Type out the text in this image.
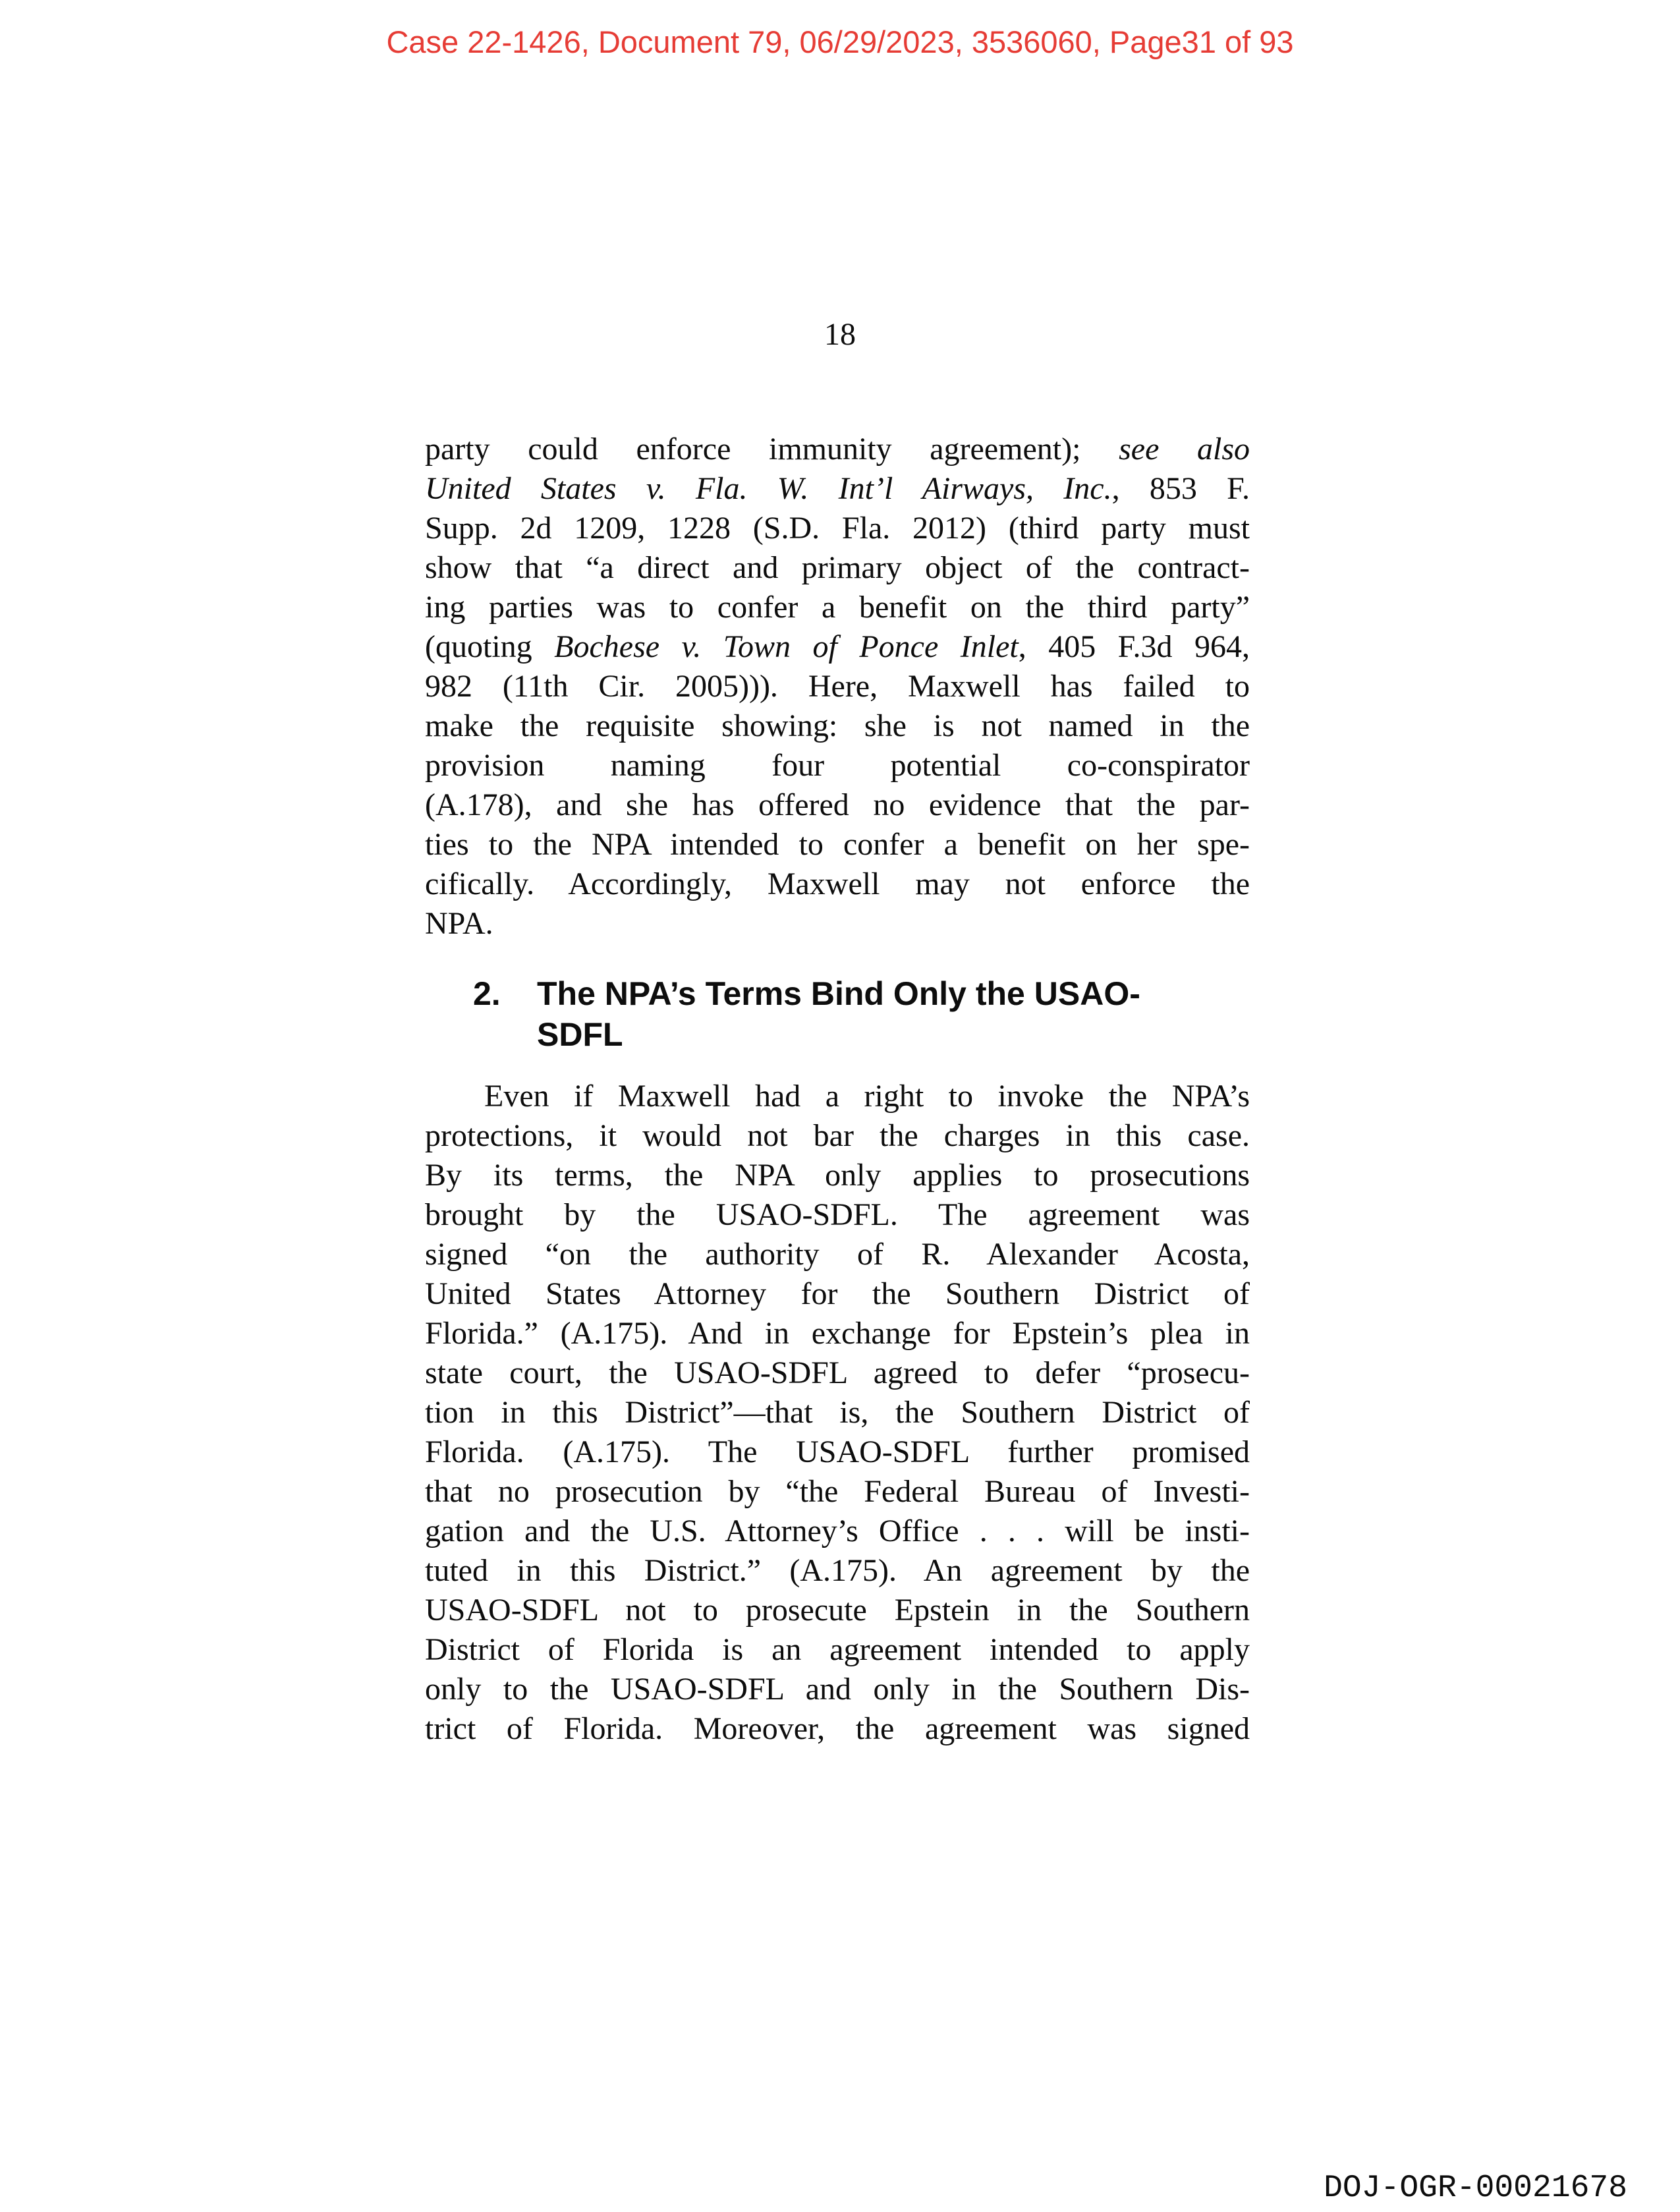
Case 22-1426, Document 79, 06/29/2023, 3536060, Page31 of 93
18
party could enforce immunity agreement); see also
United States v. Fla. W. Int’l Airways, Inc., 853 F.
Supp. 2d 1209, 1228 (S.D. Fla. 2012) (third party must
show that “a direct and primary object of the contract-
ing parties was to confer a benefit on the third party”
(quoting Bochese v. Town of Ponce Inlet, 405 F.3d 964,
982 (11th Cir. 2005))). Here, Maxwell has failed to
make the requisite showing: she is not named in the
provision naming four potential co-conspirator
(A.178), and she has offered no evidence that the par-
ties to the NPA intended to confer a benefit on her spe-
cifically. Accordingly, Maxwell may not enforce the
NPA.
2.	The NPA’s Terms Bind Only the USAO-
SDFL
Even if Maxwell had a right to invoke the NPA’s
protections, it would not bar the charges in this case.
By its terms, the NPA only applies to prosecutions
brought by the USAO-SDFL. The agreement was
signed “on the authority of R. Alexander Acosta,
United States Attorney for the Southern District of
Florida.” (A.175). And in exchange for Epstein’s plea in
state court, the USAO-SDFL agreed to defer “prosecu-
tion in this District”—that is, the Southern District of
Florida. (A.175). The USAO-SDFL further promised
that no prosecution by “the Federal Bureau of Investi-
gation and the U.S. Attorney’s Office . . . will be insti-
tuted in this District.” (A.175). An agreement by the
USAO-SDFL not to prosecute Epstein in the Southern
District of Florida is an agreement intended to apply
only to the USAO-SDFL and only in the Southern Dis-
trict of Florida. Moreover, the agreement was signed
DOJ-OGR-00021678
